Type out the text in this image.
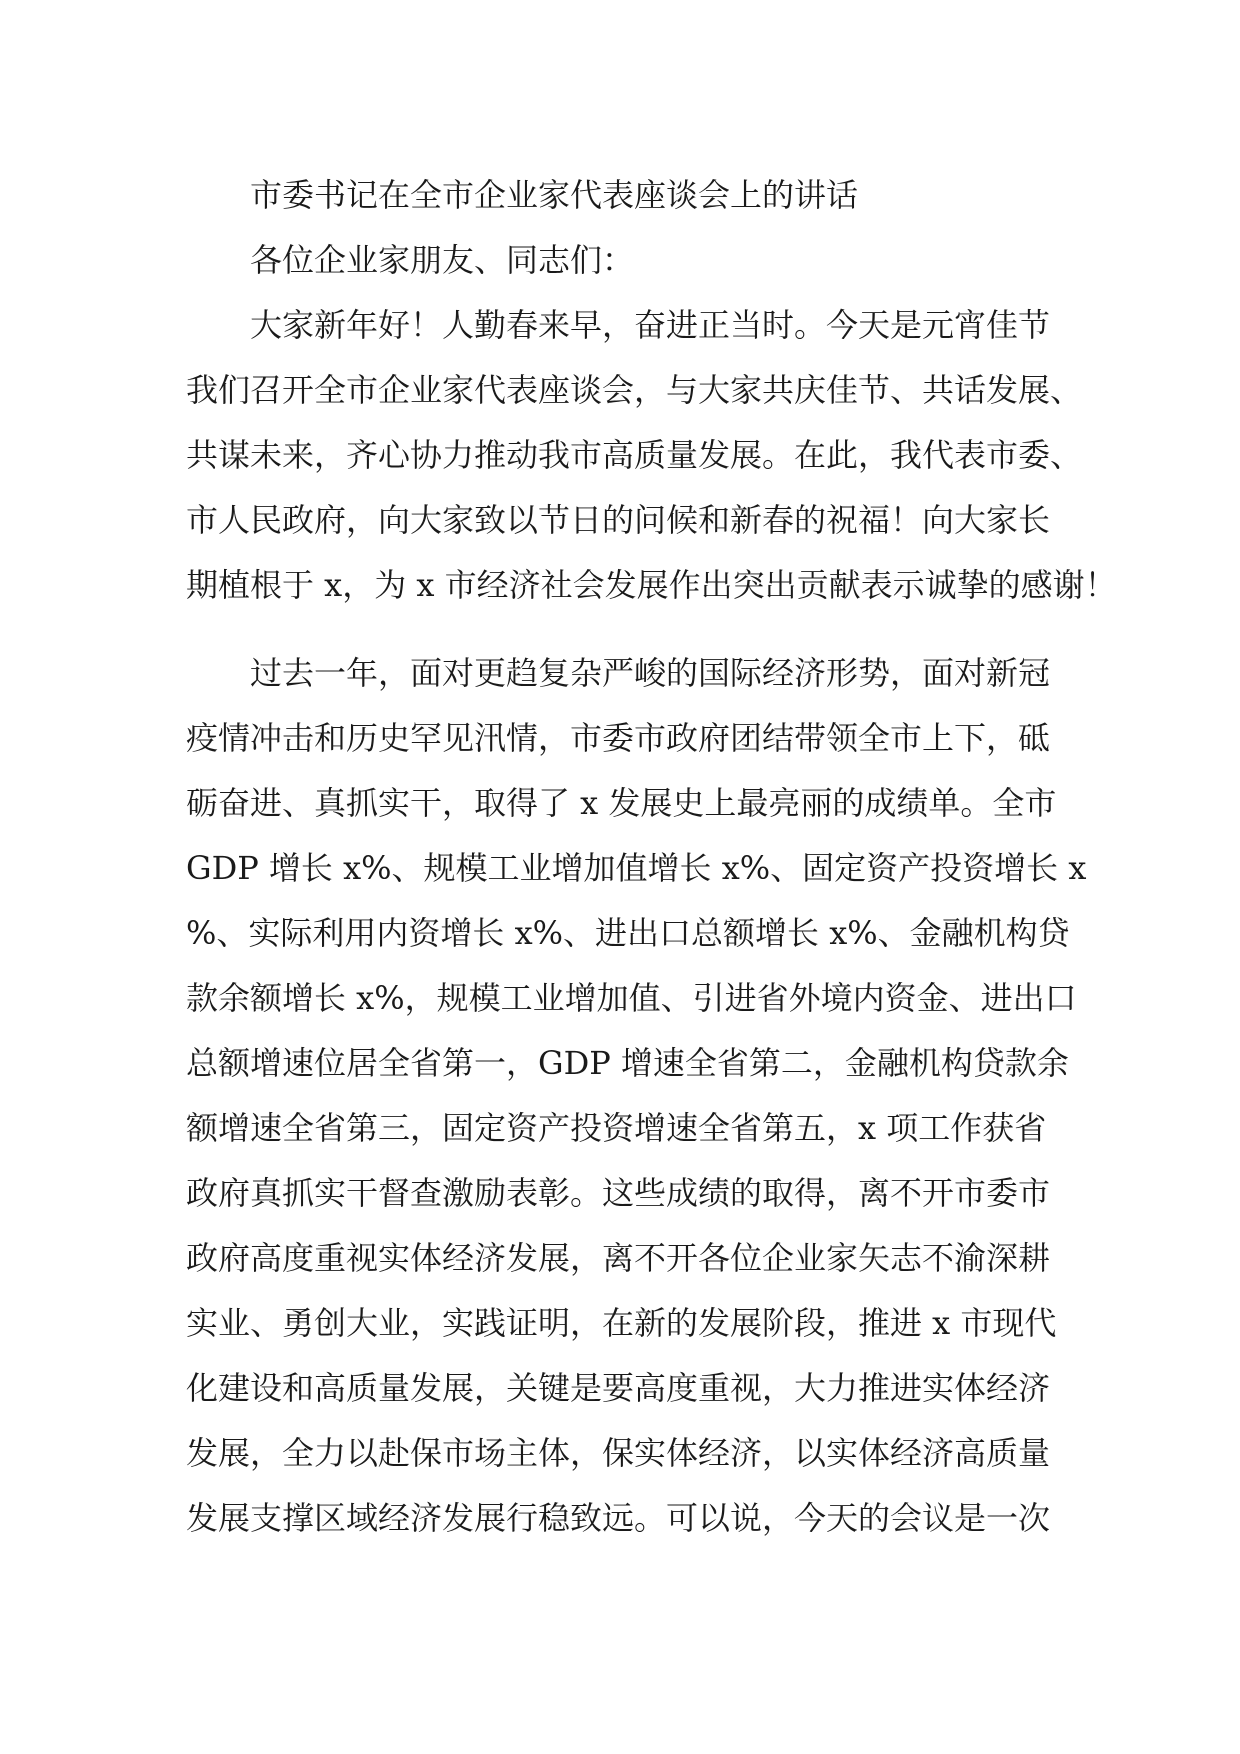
市委书记在全市企业家代表座谈会上的讲话
各位企业家朋友、同志们：
大家新年好！人勤春来早，奋进正当时。今天是元宵佳节
我们召开全市企业家代表座谈会，与大家共庆佳节、共话发展、
共谋未来，齐心协力推动我市高质量发展。在此，我代表市委、
市人民政府，向大家致以节日的问候和新春的祝福！向大家长
期植根于 x，为 x 市经济社会发展作出突出贡献表示诚挚的感谢！
过去一年，面对更趋复杂严峻的国际经济形势，面对新冠
疫情冲击和历史罕见汛情，市委市政府团结带领全市上下，砥
砺奋进、真抓实干，取得了 x 发展史上最亮丽的成绩单。全市
GDP 增长 x%、规模工业增加值增长 x%、固定资产投资增长 x
%、实际利用内资增长 x%、进出口总额增长 x%、金融机构贷
款余额增长 x%，规模工业增加值、引进省外境内资金、进出口
总额增速位居全省第一，GDP 增速全省第二，金融机构贷款余
额增速全省第三，固定资产投资增速全省第五，x 项工作获省
政府真抓实干督查激励表彰。这些成绩的取得，离不开市委市
政府高度重视实体经济发展，离不开各位企业家矢志不渝深耕
实业、勇创大业，实践证明，在新的发展阶段，推进 x 市现代
化建设和高质量发展，关键是要高度重视，大力推进实体经济
发展，全力以赴保市场主体，保实体经济，以实体经济高质量
发展支撑区域经济发展行稳致远。可以说，今天的会议是一次
